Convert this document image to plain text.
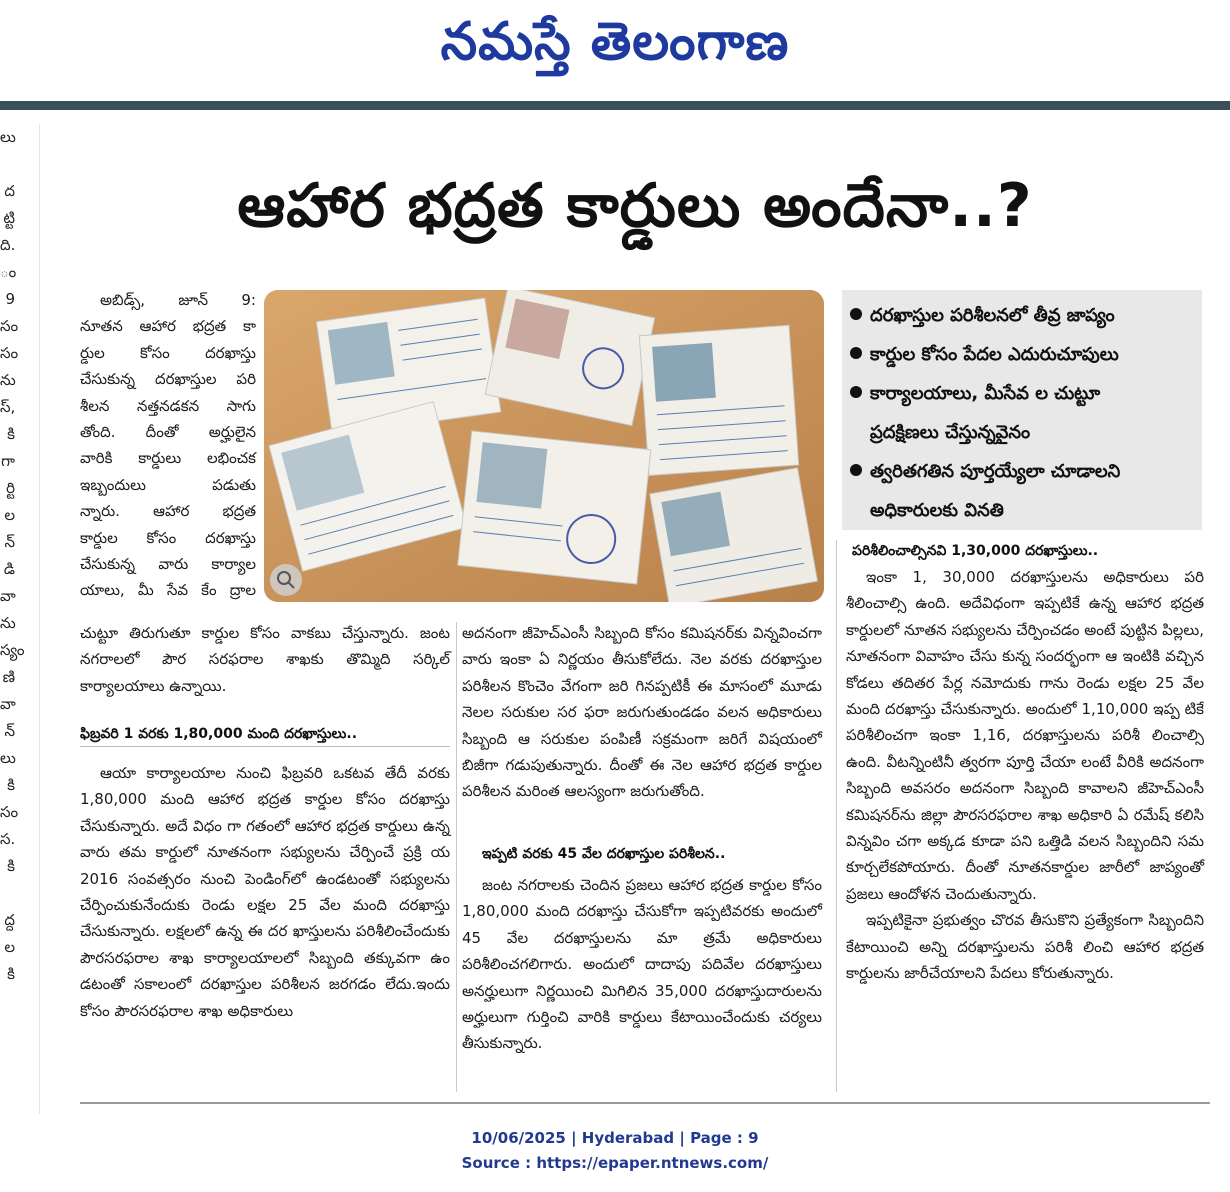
నమస్తే తెలంగాణ
లు

ద
ట్టి
ది.
ం
9
సం
సం
ను
స్,
కి
గా
ర్టి
ల
న్
డి
వా
ను
స్యం
ణి
వా
న్
లు
కి
సం
స.
కి

ద్ద
ల
కి
ఆహార భద్రత కార్డులు అందేనా..?
అబిడ్స్, జూన్ 9:
నూతన ఆహార భద్రత కా
ర్డుల కోసం దరఖాస్తు
చేసుకున్న దరఖాస్తుల పరి
శీలన నత్తనడకన సాగు
తోంది. దీంతో అర్హులైన
వారికి కార్డులు లభించక
ఇబ్బందులు పడుతు
న్నారు. ఆహార భద్రత
కార్డుల కోసం దరఖాస్తు
చేసుకున్న వారు కార్యాల
యాలు, మీ సేవ కేం ద్రాల
దరఖాస్తుల పరిశీలనలో తీవ్ర జాప్యం
కార్డుల కోసం పేదల ఎదురుచూపులు
కార్యాలయాలు, మీసేవ ల చుట్టూ
ప్రదక్షిణలు చేస్తున్నవైనం
త్వరితగతిన పూర్తయ్యేలా చూడాలని
అధికారులకు వినతి

చుట్టూ తిరుగుతూ కార్డుల కోసం వాకబు చేస్తున్నారు. జంట నగరాలలో పౌర సరఫరాల శాఖకు తొమ్మిది సర్కిల్ కార్యాలయాలు ఉన్నాయి.

ఫిబ్రవరి 1 వరకు 1,80,000 మంది దరఖాస్తులు..

ఆయా కార్యాలయాల నుంచి ఫిబ్రవరి ఒకటవ తేదీ వరకు 1,80,000 మంది ఆహార భద్రత కార్డుల కోసం దరఖాస్తు చేసుకున్నారు. అదే విధం గా గతంలో ఆహార భద్రత కార్డులు ఉన్న వారు తమ కార్డులో నూతనంగా సభ్యులను చేర్పించే ప్రక్రి య 2016 సంవత్సరం నుంచి పెండింగ్‌లో ఉండటంతో సభ్యులను చేర్పించుకునేందుకు రెండు లక్షల 25 వేల మంది దరఖాస్తు చేసుకున్నారు. లక్షలలో ఉన్న ఈ దర ఖాస్తులను పరిశీలించేందుకు పౌరసరఫరాల శాఖ కార్యాలయాలలో సిబ్బంది తక్కువగా ఉం డటంతో సకాలంలో దరఖాస్తుల పరిశీలన జరగడం లేదు.ఇందు కోసం పౌరసరఫరాల శాఖ అధికారులు

అదనంగా జీహెచ్ఎంసీ సిబ్బంది కోసం కమిషనర్‌కు విన్నవించగా వారు ఇంకా ఏ నిర్ణయం తీసుకోలేదు. నెల వరకు దరఖాస్తుల పరిశీలన కొంచెం వేగంగా జరి గినప్పటికీ ఈ మాసంలో మూడు నెలల సరుకుల సర ఫరా జరుగుతుండడం వలన అధికారులు సిబ్బంది ఆ సరుకుల పంపిణీ సక్రమంగా జరిగే విషయంలో బిజీగా గడుపుతున్నారు. దీంతో ఈ నెల ఆహార భద్రత కార్డుల పరిశీలన మరింత ఆలస్యంగా జరుగుతోంది.

ఇప్పటి వరకు 45 వేల దరఖాస్తుల పరిశీలన..

జంట నగరాలకు చెందిన ప్రజలు ఆహార భద్రత కార్డుల కోసం 1,80,000 మంది దరఖాస్తు చేసుకోగా ఇప్పటివరకు అందులో 45 వేల దరఖాస్తులను మా త్రమే అధికారులు పరిశీలించగలిగారు. అందులో దాదాపు పదివేల దరఖాస్తులు అనర్హులుగా నిర్ణయించి మిగిలిన 35,000 దరఖాస్తుదారులను అర్హులుగా గుర్తించి వారికి కార్డులు కేటాయించేందుకు చర్యలు తీసుకున్నారు.

పరిశీలించాల్సినవి 1,30,000 దరఖాస్తులు..

ఇంకా 1, 30,000 దరఖాస్తులను అధికారులు పరి శీలించాల్సి ఉంది. అదేవిధంగా ఇప్పటికే ఉన్న ఆహార భద్రత కార్డులలో నూతన సభ్యులను చేర్పించడం అంటే పుట్టిన పిల్లలు, నూతనంగా వివాహం చేసు కున్న సందర్భంగా ఆ ఇంటికి వచ్చిన కోడలు తదితర పేర్ల నమోదుకు గాను రెండు లక్షల 25 వేల మంది దరఖాస్తు చేసుకున్నారు. అందులో 1,10,000 ఇప్ప టికే పరిశీలించగా ఇంకా 1,16, దరఖాస్తులను పరిశీ లించాల్సి ఉంది. వీటన్నింటినీ త్వరగా పూర్తి చేయా లంటే వీరికి అదనంగా సిబ్బంది అవసరం అదనంగా సిబ్బంది కావాలని జీహెచ్ఎంసీ కమిషనర్‌ను జిల్లా పౌరసరఫరాల శాఖ అధికారి ఏ రమేష్ కలిసి విన్నవిం చగా అక్కడ కూడా పని ఒత్తిడి వలన సిబ్బందిని సమ కూర్చలేకపోయారు. దీంతో నూతనకార్డుల జారీలో జాప్యంతో ప్రజలు ఆందోళన చెందుతున్నారు.

ఇప్పటికైనా ప్రభుత్వం చొరవ తీసుకొని ప్రత్యేకంగా సిబ్బందిని కేటాయించి అన్ని దరఖాస్తులను పరిశీ లించి ఆహార భద్రత కార్డులను జారీచేయాలని పేదలు కోరుతున్నారు.

10/06/2025 | Hyderabad | Page : 9
Source : https://epaper.ntnews.com/
